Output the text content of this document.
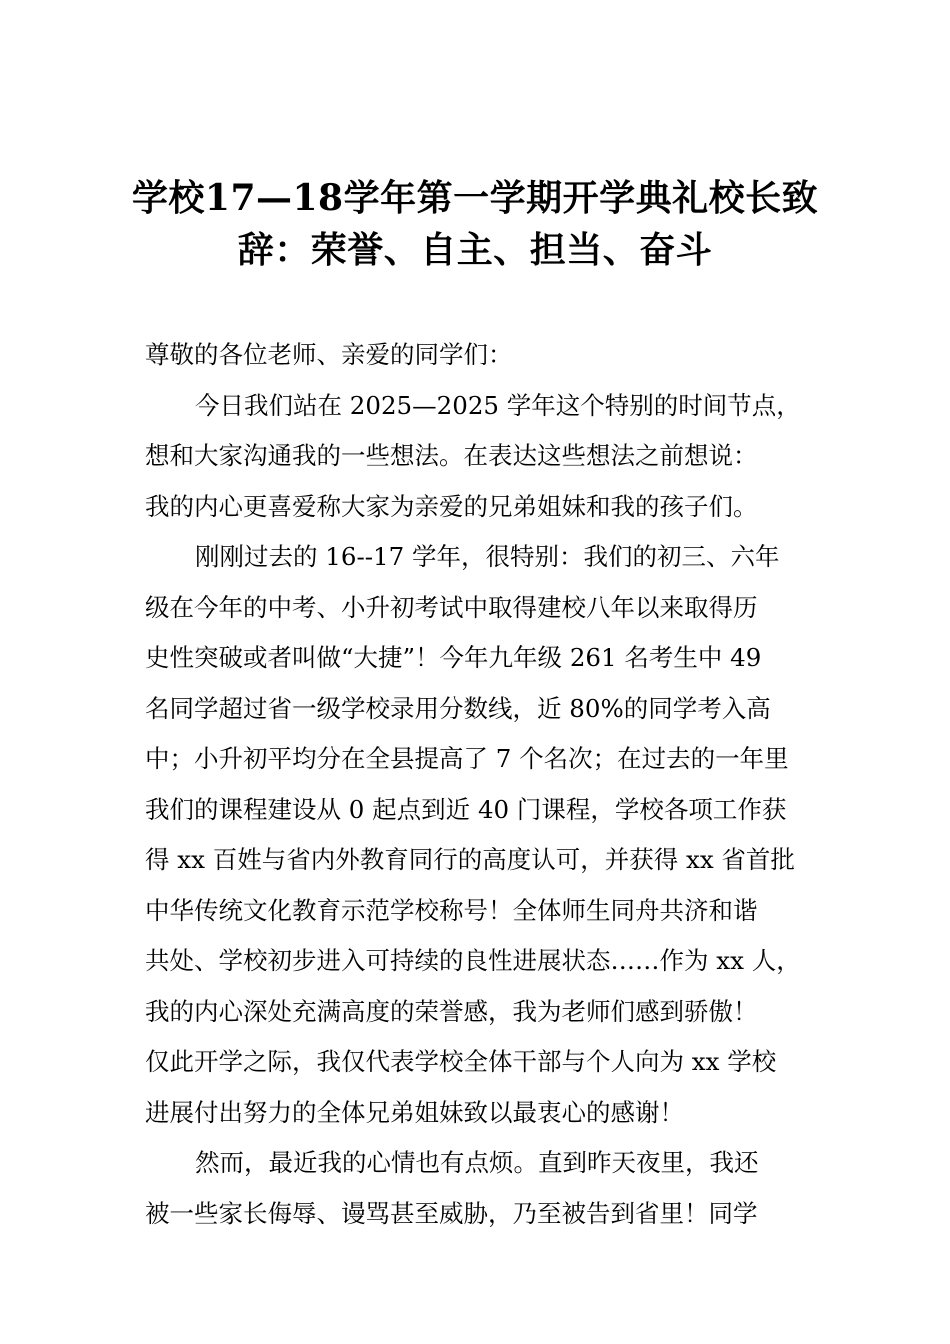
学校17—18学年第一学期开学典礼校长致
辞：荣誉、自主、担当、奋斗
尊敬的各位老师、亲爱的同学们：
今日我们站在 2025—2025 学年这个特别的时间节点，
想和大家沟通我的一些想法。在表达这些想法之前想说：
我的内心更喜爱称大家为亲爱的兄弟姐妹和我的孩子们。
刚刚过去的 16--17 学年，很特别：我们的初三、六年
级在今年的中考、小升初考试中取得建校八年以来取得历
史性突破或者叫做“大捷”！今年九年级 261 名考生中 49
名同学超过省一级学校录用分数线，近 80%的同学考入高
中；小升初平均分在全县提高了 7 个名次；在过去的一年里
我们的课程建设从 0 起点到近 40 门课程，学校各项工作获
得 xx 百姓与省内外教育同行的高度认可，并获得 xx 省首批
中华传统文化教育示范学校称号！全体师生同舟共济和谐
共处、学校初步进入可持续的良性进展状态……作为 xx 人，
我的内心深处充满高度的荣誉感，我为老师们感到骄傲！
仅此开学之际，我仅代表学校全体干部与个人向为 xx 学校
进展付出努力的全体兄弟姐妹致以最衷心的感谢！
然而，最近我的心情也有点烦。直到昨天夜里，我还
被一些家长侮辱、谩骂甚至威胁，乃至被告到省里！同学
